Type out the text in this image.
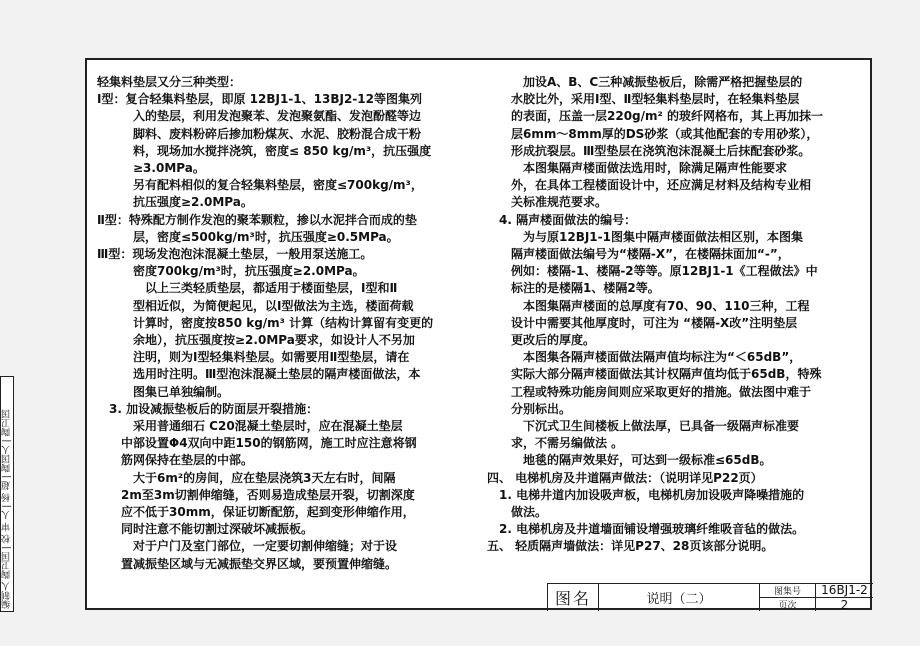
轻集料垫层又分三种类型：
Ⅰ型：复合轻集料垫层，即原 12BJ1-1、13BJ2-12等图集列
　　　入的垫层，利用发泡聚苯、发泡聚氨酯、发泡酚醛等边
　　　脚料、废料粉碎后掺加粉煤灰、水泥、胶粉混合成干粉
　　　料，现场加水搅拌浇筑，密度≤ 850 kg/m³，抗压强度
　　　≥3.0MPa。
　　　另有配料相似的复合轻集料垫层，密度≤700kg/m³，
　　　抗压强度≥2.0MPa。
Ⅱ型：特殊配方制作发泡的聚苯颗粒，掺以水泥拌合而成的垫
　　　层，密度≤500kg/m³时，抗压强度≥0.5MPa。
Ⅲ型：现场发泡泡沫混凝土垫层，一般用泵送施工。
　　　密度700kg/m³时，抗压强度≥2.0MPa。
　　　　以上三类轻质垫层，都适用于楼面垫层，Ⅰ型和Ⅱ
　　　型相近似，为简便起见，以Ⅰ型做法为主选，楼面荷载
　　　计算时，密度按850 kg/m³ 计算（结构计算留有变更的
　　　余地），抗压强度按≥2.0MPa要求，如设计人不另加
　　　注明，则为Ⅰ型轻集料垫层。如需要用Ⅱ型垫层，请在
　　　选用时注明。Ⅲ型泡沫混凝土垫层的隔声楼面做法，本
　　　图集已单独编制。
　3. 加设减振垫板后的防面层开裂措施：
　　　采用普通细石 C20混凝土垫层时，应在混凝土垫层
　　中部设置Φ4双向中距150的钢筋网，施工时应注意将钢
　　筋网保持在垫层的中部。
　　　大于6m²的房间，应在垫层浇筑3天左右时，间隔
　　2m至3m切割伸缩缝，否则易造成垫层开裂，切割深度
　　应不低于30mm，保证切断配筋，起到变形伸缩作用，
　　同时注意不能切割过深破坏减振板。
　　　对于户门及室门部位，一定要切割伸缩缝；对于设
　　置减振垫区域与无减振垫交界区域，要预置伸缩缝。
　　　加设A、B、C三种减振垫板后，除需严格把握垫层的
　　水胶比外，采用Ⅰ型、Ⅱ型轻集料垫层时，在轻集料垫层
　　的表面，压盖一层220g/m² 的玻纤网格布，其上再加抹一
　　层6mm～8mm厚的DS砂浆（或其他配套的专用砂浆），
　　形成抗裂层。Ⅲ型垫层在浇筑泡沫混凝土后抹配套砂浆。
　　　本图集隔声楼面做法选用时，除满足隔声性能要求
　　外，在具体工程楼面设计中，还应满足材料及结构专业相
　　关标准规范要求。
　4. 隔声楼面做法的编号：
　　　为与原12BJ1-1图集中隔声楼面做法相区别，本图集
　　隔声楼面做法编号为“楼隔-X”，在楼隔抹面加“-”，
　　例如：楼隔-1、楼隔-2等等。原12BJ1-1《工程做法》中
　　标注的是楼隔1、楼隔2等。
　　　本图集隔声楼面的总厚度有70、90、110三种，工程
　　设计中需要其他厚度时，可注为 “楼隔-X改”注明垫层
　　更改后的厚度。
　　　本图集各隔声楼面做法隔声值均标注为“＜65dB”，
　　实际大部分隔声楼面做法其计权隔声值均低于65dB，特殊
　　工程或特殊功能房间则应采取更好的措施。做法图中难于
　　分别标出。
　　　下沉式卫生间楼板上做法厚，已具备一级隔声标准要
　　求，不需另编做法 。
　　　地毯的隔声效果好，可达到一级标准≤65dB。
四、 电梯机房及井道隔声做法：（说明详见P22页）
　1. 电梯井道内加设吸声板，电梯机房加设吸声降噪措施的
　　做法。
　2. 电梯机房及井道墙面铺设增强玻璃纤维吸音毡的做法。
五、 轻质隔声墙做法：详见P27、28页该部分说明。
图名	说明（二）	图集号
页次
16BJ1-2
2
编制人 陶卫国 | 校 审 人 | 杨 超 | 陶国人 | 陶卫国
